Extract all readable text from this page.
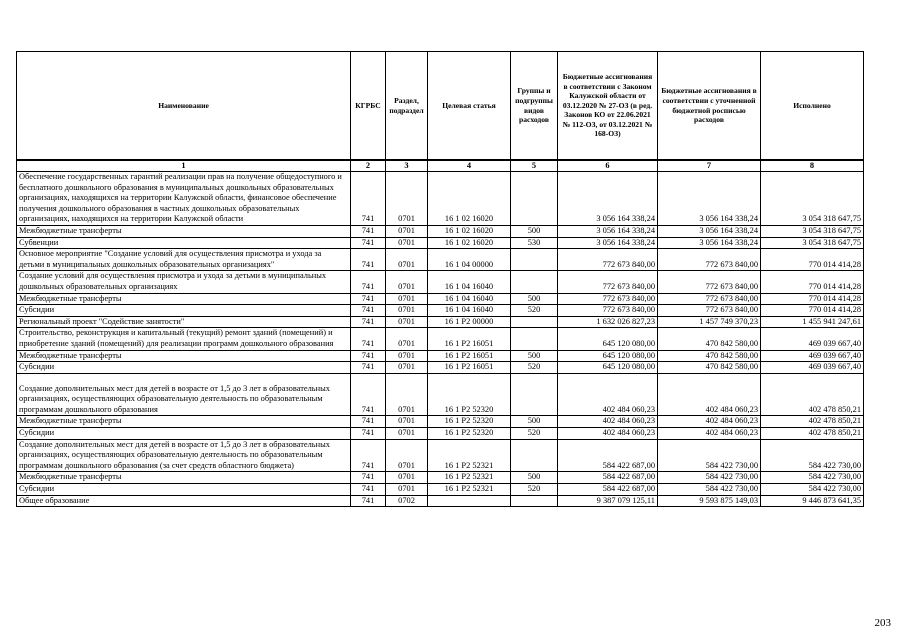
Наименование	КГРБС	Раздел, подраздел	Целевая статья	Группы и подгруппы видов расходов	Бюджетные ассигнования в соответствии с Законом Калужской области от 03.12.2020 № 27-ОЗ (в ред. Законов КО от 22.06.2021 № 112-ОЗ, от 03.12.2021 № 168-ОЗ)	Бюджетные ассигнования в соответствии с уточненной бюджетной росписью расходов	Исполнено
1	2	3	4	5	6	7	8
Обеспечение государственных гарантий реализации прав на получение общедоступного и бесплатного дошкольного образования в муниципальных дошкольных образовательных организациях, находящихся на территории Калужской области, финансовое обеспечение получения дошкольного образования в частных дошкольных образовательных организациях, находящихся на территории Калужской области	741	0701	16 1 02 16020		3 056 164 338,24	3 056 164 338,24	3 054 318 647,75
Межбюджетные трансферты	741	0701	16 1 02 16020	500	3 056 164 338,24	3 056 164 338,24	3 054 318 647,75
Субвенции	741	0701	16 1 02 16020	530	3 056 164 338,24	3 056 164 338,24	3 054 318 647,75
Основное мероприятие "Создание условий для осуществления присмотра и ухода за детьми в муниципальных дошкольных образовательных организациях"	741	0701	16 1 04 00000		772 673 840,00	772 673 840,00	770 014 414,28
Создание условий для осуществления присмотра и ухода за детьми в муниципальных дошкольных образовательных организациях	741	0701	16 1 04 16040		772 673 840,00	772 673 840,00	770 014 414,28
Межбюджетные трансферты	741	0701	16 1 04 16040	500	772 673 840,00	772 673 840,00	770 014 414,28
Субсидии	741	0701	16 1 04 16040	520	772 673 840,00	772 673 840,00	770 014 414,28
Региональный проект "Содействие занятости"	741	0701	16 1 P2 00000		1 632 026 827,23	1 457 749 370,23	1 455 941 247,61
Строительство, реконструкция и капитальный (текущий) ремонт зданий (помещений) и приобретение зданий (помещений) для реализации программ дошкольного образования	741	0701	16 1 P2 16051		645 120 080,00	470 842 580,00	469 039 667,40
Межбюджетные трансферты	741	0701	16 1 P2 16051	500	645 120 080,00	470 842 580,00	469 039 667,40
Субсидии	741	0701	16 1 P2 16051	520	645 120 080,00	470 842 580,00	469 039 667,40
Создание дополнительных мест для детей в возрасте от 1,5 до 3 лет в образовательных организациях, осуществляющих образовательную деятельность по образовательным программам дошкольного образования	741	0701	16 1 P2 52320		402 484 060,23	402 484 060,23	402 478 850,21
Межбюджетные трансферты	741	0701	16 1 P2 52320	500	402 484 060,23	402 484 060,23	402 478 850,21
Субсидии	741	0701	16 1 P2 52320	520	402 484 060,23	402 484 060,23	402 478 850,21
Создание дополнительных мест для детей в возрасте от 1,5 до 3 лет в образовательных организациях, осуществляющих образовательную деятельность по образовательным программам дошкольного образования (за счет средств областного бюджета)	741	0701	16 1 P2 52321		584 422 687,00	584 422 730,00	584 422 730,00
Межбюджетные трансферты	741	0701	16 1 P2 52321	500	584 422 687,00	584 422 730,00	584 422 730,00
Субсидии	741	0701	16 1 P2 52321	520	584 422 687,00	584 422 730,00	584 422 730,00
Общее образование	741	0702			9 387 079 125,11	9 593 875 149,03	9 446 873 641,35
203
